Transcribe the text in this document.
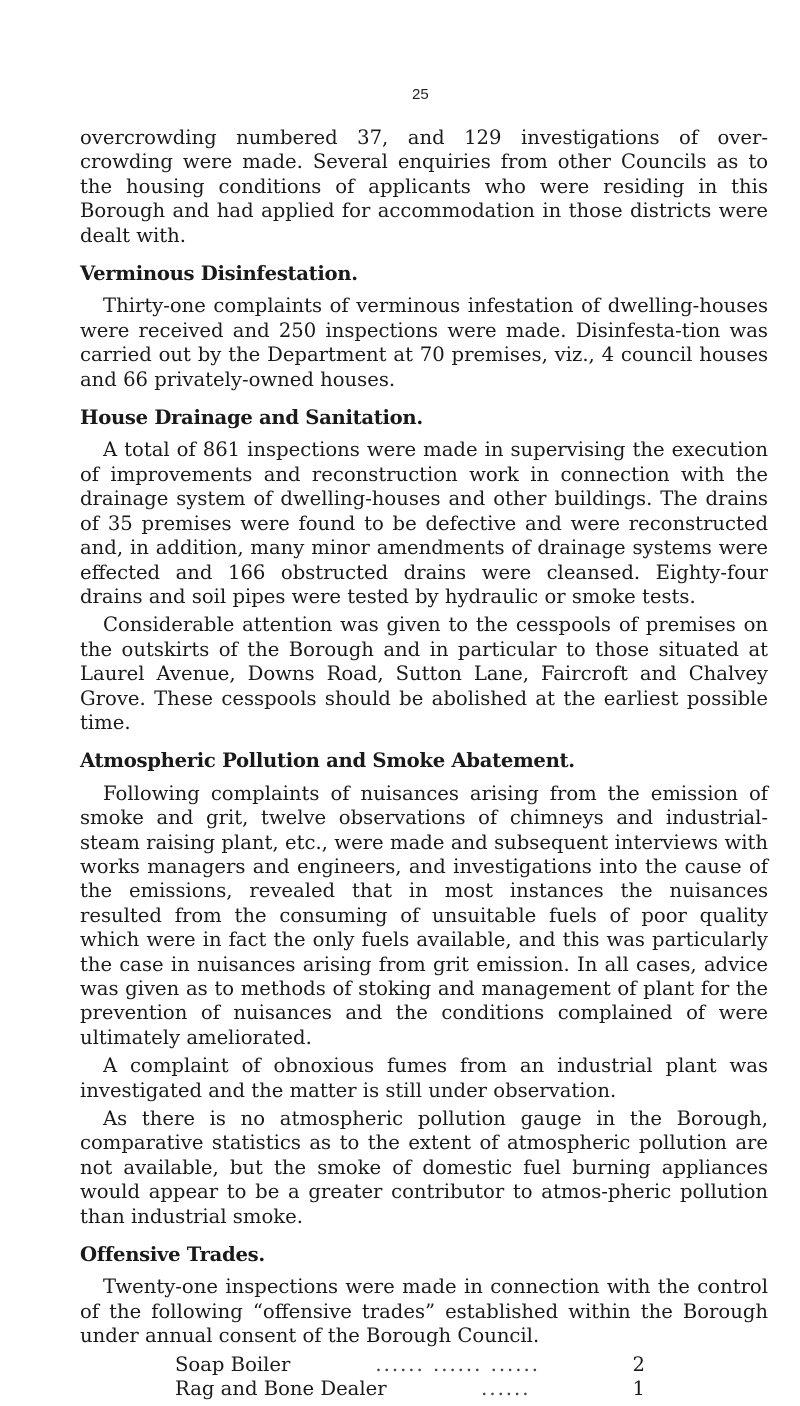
25

overcrowding numbered 37, and 129 investigations of over-crowding were made. Several enquiries from other Councils as to the housing conditions of applicants who were residing in this Borough and had applied for accommodation in those districts were dealt with.

Verminous Disinfestation.

Thirty-one complaints of verminous infestation of dwelling-houses were received and 250 inspections were made. Disinfesta-tion was carried out by the Department at 70 premises, viz., 4 council houses and 66 privately-owned houses.

House Drainage and Sanitation.

A total of 861 inspections were made in supervising the execution of improvements and reconstruction work in connection with the drainage system of dwelling-houses and other buildings. The drains of 35 premises were found to be defective and were reconstructed and, in addition, many minor amendments of drainage systems were effected and 166 obstructed drains were cleansed. Eighty-four drains and soil pipes were tested by hydraulic or smoke tests.

Considerable attention was given to the cesspools of premises on the outskirts of the Borough and in particular to those situated at Laurel Avenue, Downs Road, Sutton Lane, Faircroft and Chalvey Grove. These cesspools should be abolished at the earliest possible time.

Atmospheric Pollution and Smoke Abatement.

Following complaints of nuisances arising from the emission of smoke and grit, twelve observations of chimneys and industrial-steam raising plant, etc., were made and subsequent interviews with works managers and engineers, and investigations into the cause of the emissions, revealed that in most instances the nuisances resulted from the consuming of unsuitable fuels of poor quality which were in fact the only fuels available, and this was particularly the case in nuisances arising from grit emission. In all cases, advice was given as to methods of stoking and management of plant for the prevention of nuisances and the conditions complained of were ultimately ameliorated.

A complaint of obnoxious fumes from an industrial plant was investigated and the matter is still under observation.

As there is no atmospheric pollution gauge in the Borough, comparative statistics as to the extent of atmospheric pollution are not available, but the smoke of domestic fuel burning appliances would appear to be a greater contributor to atmos-pheric pollution than industrial smoke.

Offensive Trades.

Twenty-one inspections were made in connection with the control of the following “offensive trades” established within the Borough under annual consent of the Borough Council.

Soap Boiler	...... ...... ......	2
Rag and Bone Dealer	......	1
